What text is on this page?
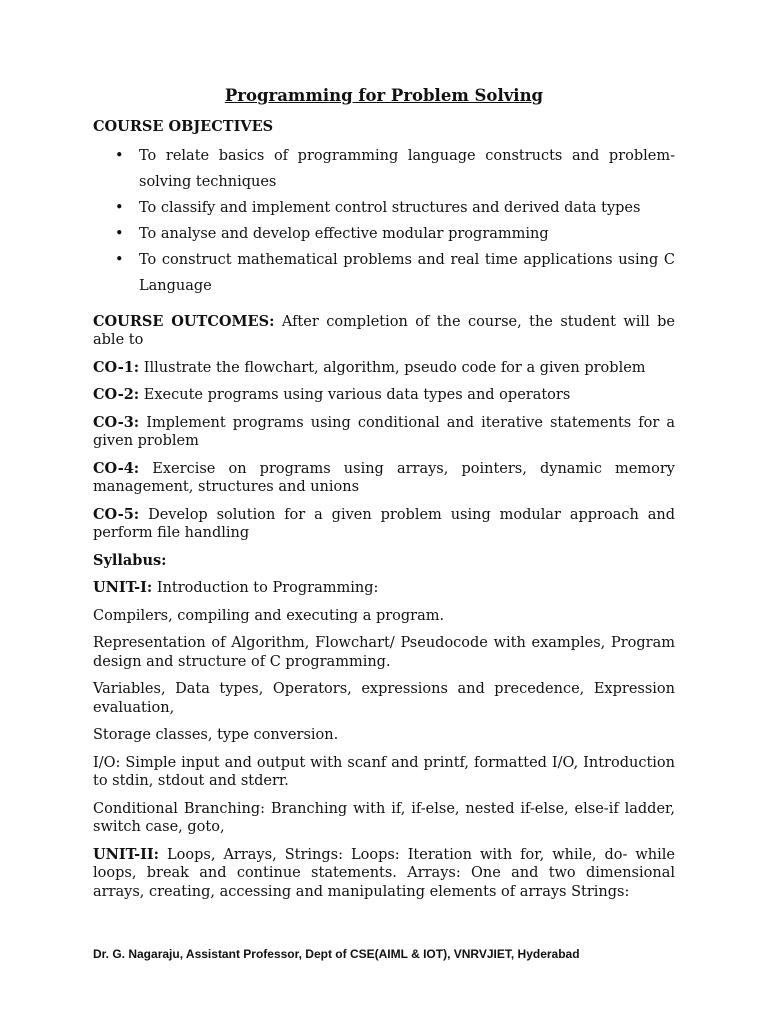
Programming for Problem Solving
COURSE OBJECTIVES
• To relate basics of programming language constructs and problem-solving techniques
• To classify and implement control structures and derived data types
• To analyse and develop effective modular programming
• To construct mathematical problems and real time applications using C Language

COURSE OUTCOMES: After completion of the course, the student will be able to

CO-1: Illustrate the flowchart, algorithm, pseudo code for a given problem

CO-2: Execute programs using various data types and operators

CO-3: Implement programs using conditional and iterative statements for a given problem

CO-4: Exercise on programs using arrays, pointers, dynamic memory management, structures and unions

CO-5: Develop solution for a given problem using modular approach and perform file handling

Syllabus:

UNIT-I: Introduction to Programming:

Compilers, compiling and executing a program.

Representation of Algorithm, Flowchart/ Pseudocode with examples, Program design and structure of C programming.

Variables, Data types, Operators, expressions and precedence, Expression evaluation,

Storage classes, type conversion.

I/O: Simple input and output with scanf and printf, formatted I/O, Introduction to stdin, stdout and stderr.

Conditional Branching: Branching with if, if-else, nested if-else, else-if ladder, switch case, goto,

UNIT-II: Loops, Arrays, Strings: Loops: Iteration with for, while, do- while loops, break and continue statements. Arrays: One and two dimensional arrays, creating, accessing and manipulating elements of arrays Strings:

Dr. G. Nagaraju, Assistant Professor, Dept of CSE(AIML & IOT), VNRVJIET, Hyderabad
